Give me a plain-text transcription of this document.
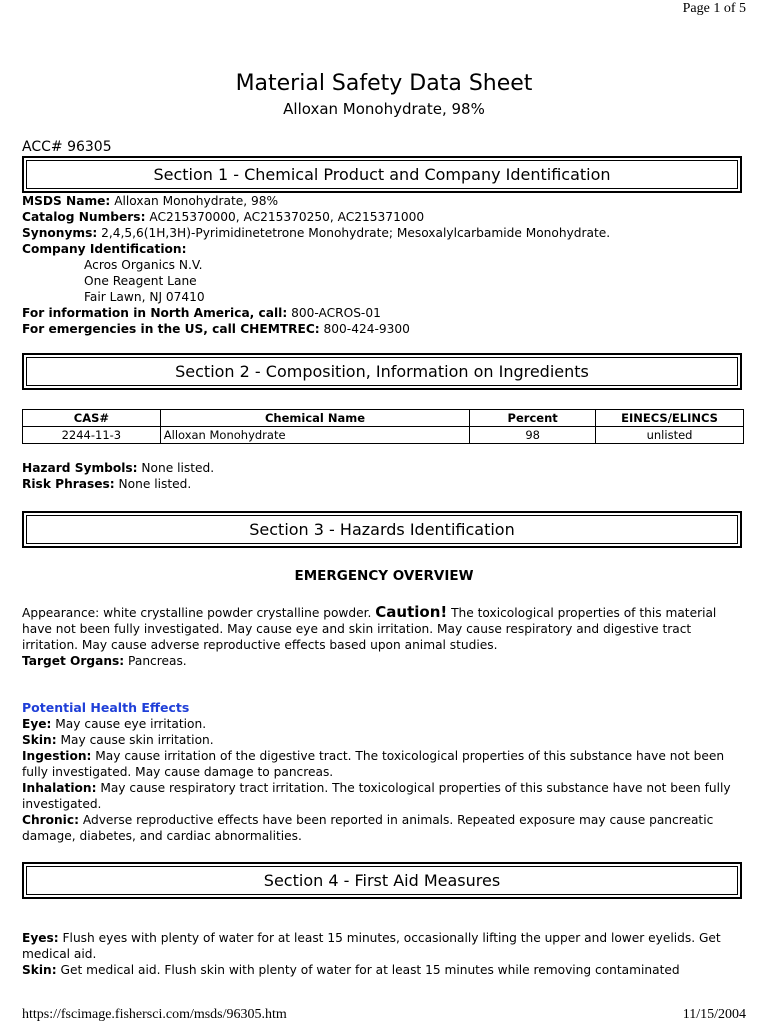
Page 1 of 5
Material Safety Data Sheet
Alloxan Monohydrate, 98%
ACC# 96305
Section 1 - Chemical Product and Company Identification
MSDS Name: Alloxan Monohydrate, 98%
Catalog Numbers: AC215370000, AC215370250, AC215371000
Synonyms: 2,4,5,6(1H,3H)-Pyrimidinetetrone Monohydrate; Mesoxalylcarbamide Monohydrate.
Company Identification:
Acros Organics N.V.
One Reagent Lane
Fair Lawn, NJ 07410
For information in North America, call: 800-ACROS-01
For emergencies in the US, call CHEMTREC: 800-424-9300
Section 2 - Composition, Information on Ingredients
CAS#	Chemical Name	Percent	EINECS/ELINCS
2244-11-3	Alloxan Monohydrate	98	unlisted
Hazard Symbols: None listed.
Risk Phrases: None listed.
Section 3 - Hazards Identification
EMERGENCY OVERVIEW
Appearance: white crystalline powder crystalline powder. Caution! The toxicological properties of this material have not been fully investigated. May cause eye and skin irritation. May cause respiratory and digestive tract irritation. May cause adverse reproductive effects based upon animal studies.
Target Organs: Pancreas.
Potential Health Effects
Eye: May cause eye irritation.
Skin: May cause skin irritation.
Ingestion: May cause irritation of the digestive tract. The toxicological properties of this substance have not been fully investigated. May cause damage to pancreas.
Inhalation: May cause respiratory tract irritation. The toxicological properties of this substance have not been fully investigated.
Chronic: Adverse reproductive effects have been reported in animals. Repeated exposure may cause pancreatic damage, diabetes, and cardiac abnormalities.
Section 4 - First Aid Measures
Eyes: Flush eyes with plenty of water for at least 15 minutes, occasionally lifting the upper and lower eyelids. Get medical aid.
Skin: Get medical aid. Flush skin with plenty of water for at least 15 minutes while removing contaminated
https://fscimage.fishersci.com/msds/96305.htm	11/15/2004
